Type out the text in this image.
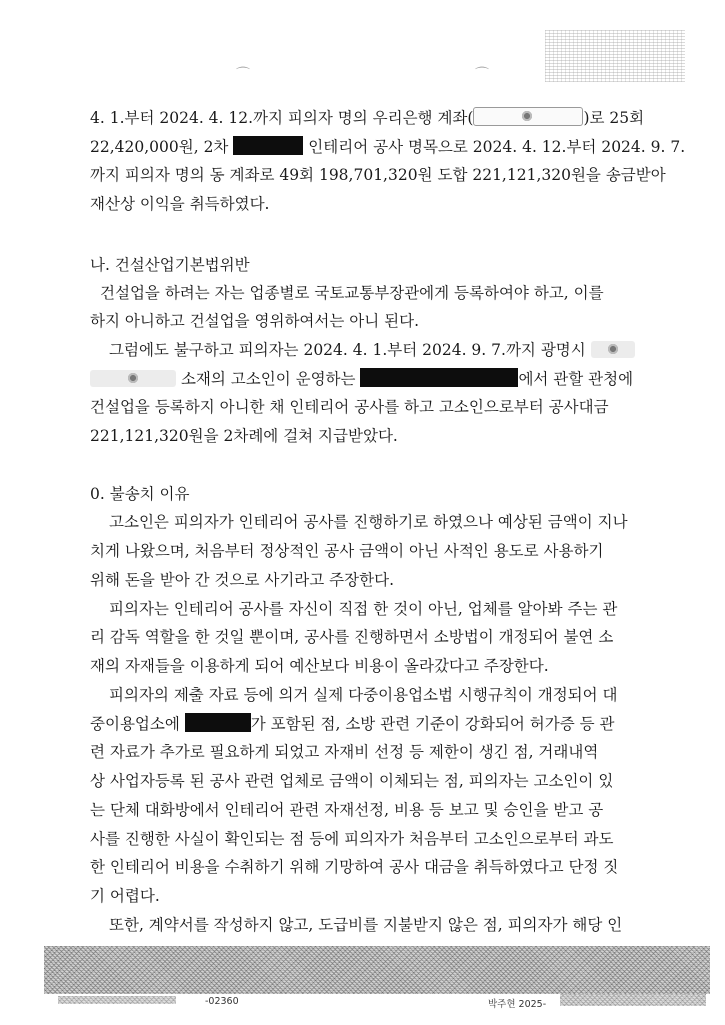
⌒	⌒
4. 1.부터 2024. 4. 12.까지 피의자 명의 우리은행 계좌(	)로 25회
22,420,000원, 2차	인테리어 공사 명목으로 2024. 4. 12.부터 2024. 9. 7.
까지 피의자 명의 동 계좌로 49회 198,701,320원 도합 221,121,320원을 송금받아
재산상 이익을 취득하였다.
나. 건설산업기본법위반
건설업을 하려는 자는 업종별로 국토교통부장관에게 등록하여야 하고, 이를
하지 아니하고 건설업을 영위하여서는 아니 된다.
그럼에도 불구하고 피의자는 2024. 4. 1.부터 2024. 9. 7.까지 광명시
소재의 고소인이 운영하는	에서 관할 관청에
건설업을 등록하지 아니한 채 인테리어 공사를 하고 고소인으로부터 공사대금
221,121,320원을 2차례에 걸쳐 지급받았다.
0. 불송치 이유
고소인은 피의자가 인테리어 공사를 진행하기로 하였으나 예상된 금액이 지나
치게 나왔으며, 처음부터 정상적인 공사 금액이 아닌 사적인 용도로 사용하기
위해 돈을 받아 간 것으로 사기라고 주장한다.
피의자는 인테리어 공사를 자신이 직접 한 것이 아닌, 업체를 알아봐 주는 관
리 감독 역할을 한 것일 뿐이며, 공사를 진행하면서 소방법이 개정되어 불연 소
재의 자재들을 이용하게 되어 예산보다 비용이 올라갔다고 주장한다.
피의자의 제출 자료 등에 의거 실제 다중이용업소법 시행규칙이 개정되어 대
중이용업소에	가 포함된 점, 소방 관련 기준이 강화되어 허가증 등 관
련 자료가 추가로 필요하게 되었고 자재비 선정 등 제한이 생긴 점, 거래내역
상 사업자등록 된 공사 관련 업체로 금액이 이체되는 점, 피의자는 고소인이 있
는 단체 대화방에서 인테리어 관련 자재선정, 비용 등 보고 및 승인을 받고 공
사를 진행한 사실이 확인되는 점 등에 피의자가 처음부터 고소인으로부터 과도
한 인테리어 비용을 수취하기 위해 기망하여 공사 대금을 취득하였다고 단정 짓
기 어렵다.
또한, 계약서를 작성하지 않고, 도급비를 지불받지 않은 점, 피의자가 해당 인
-02360	박주현 2025-
